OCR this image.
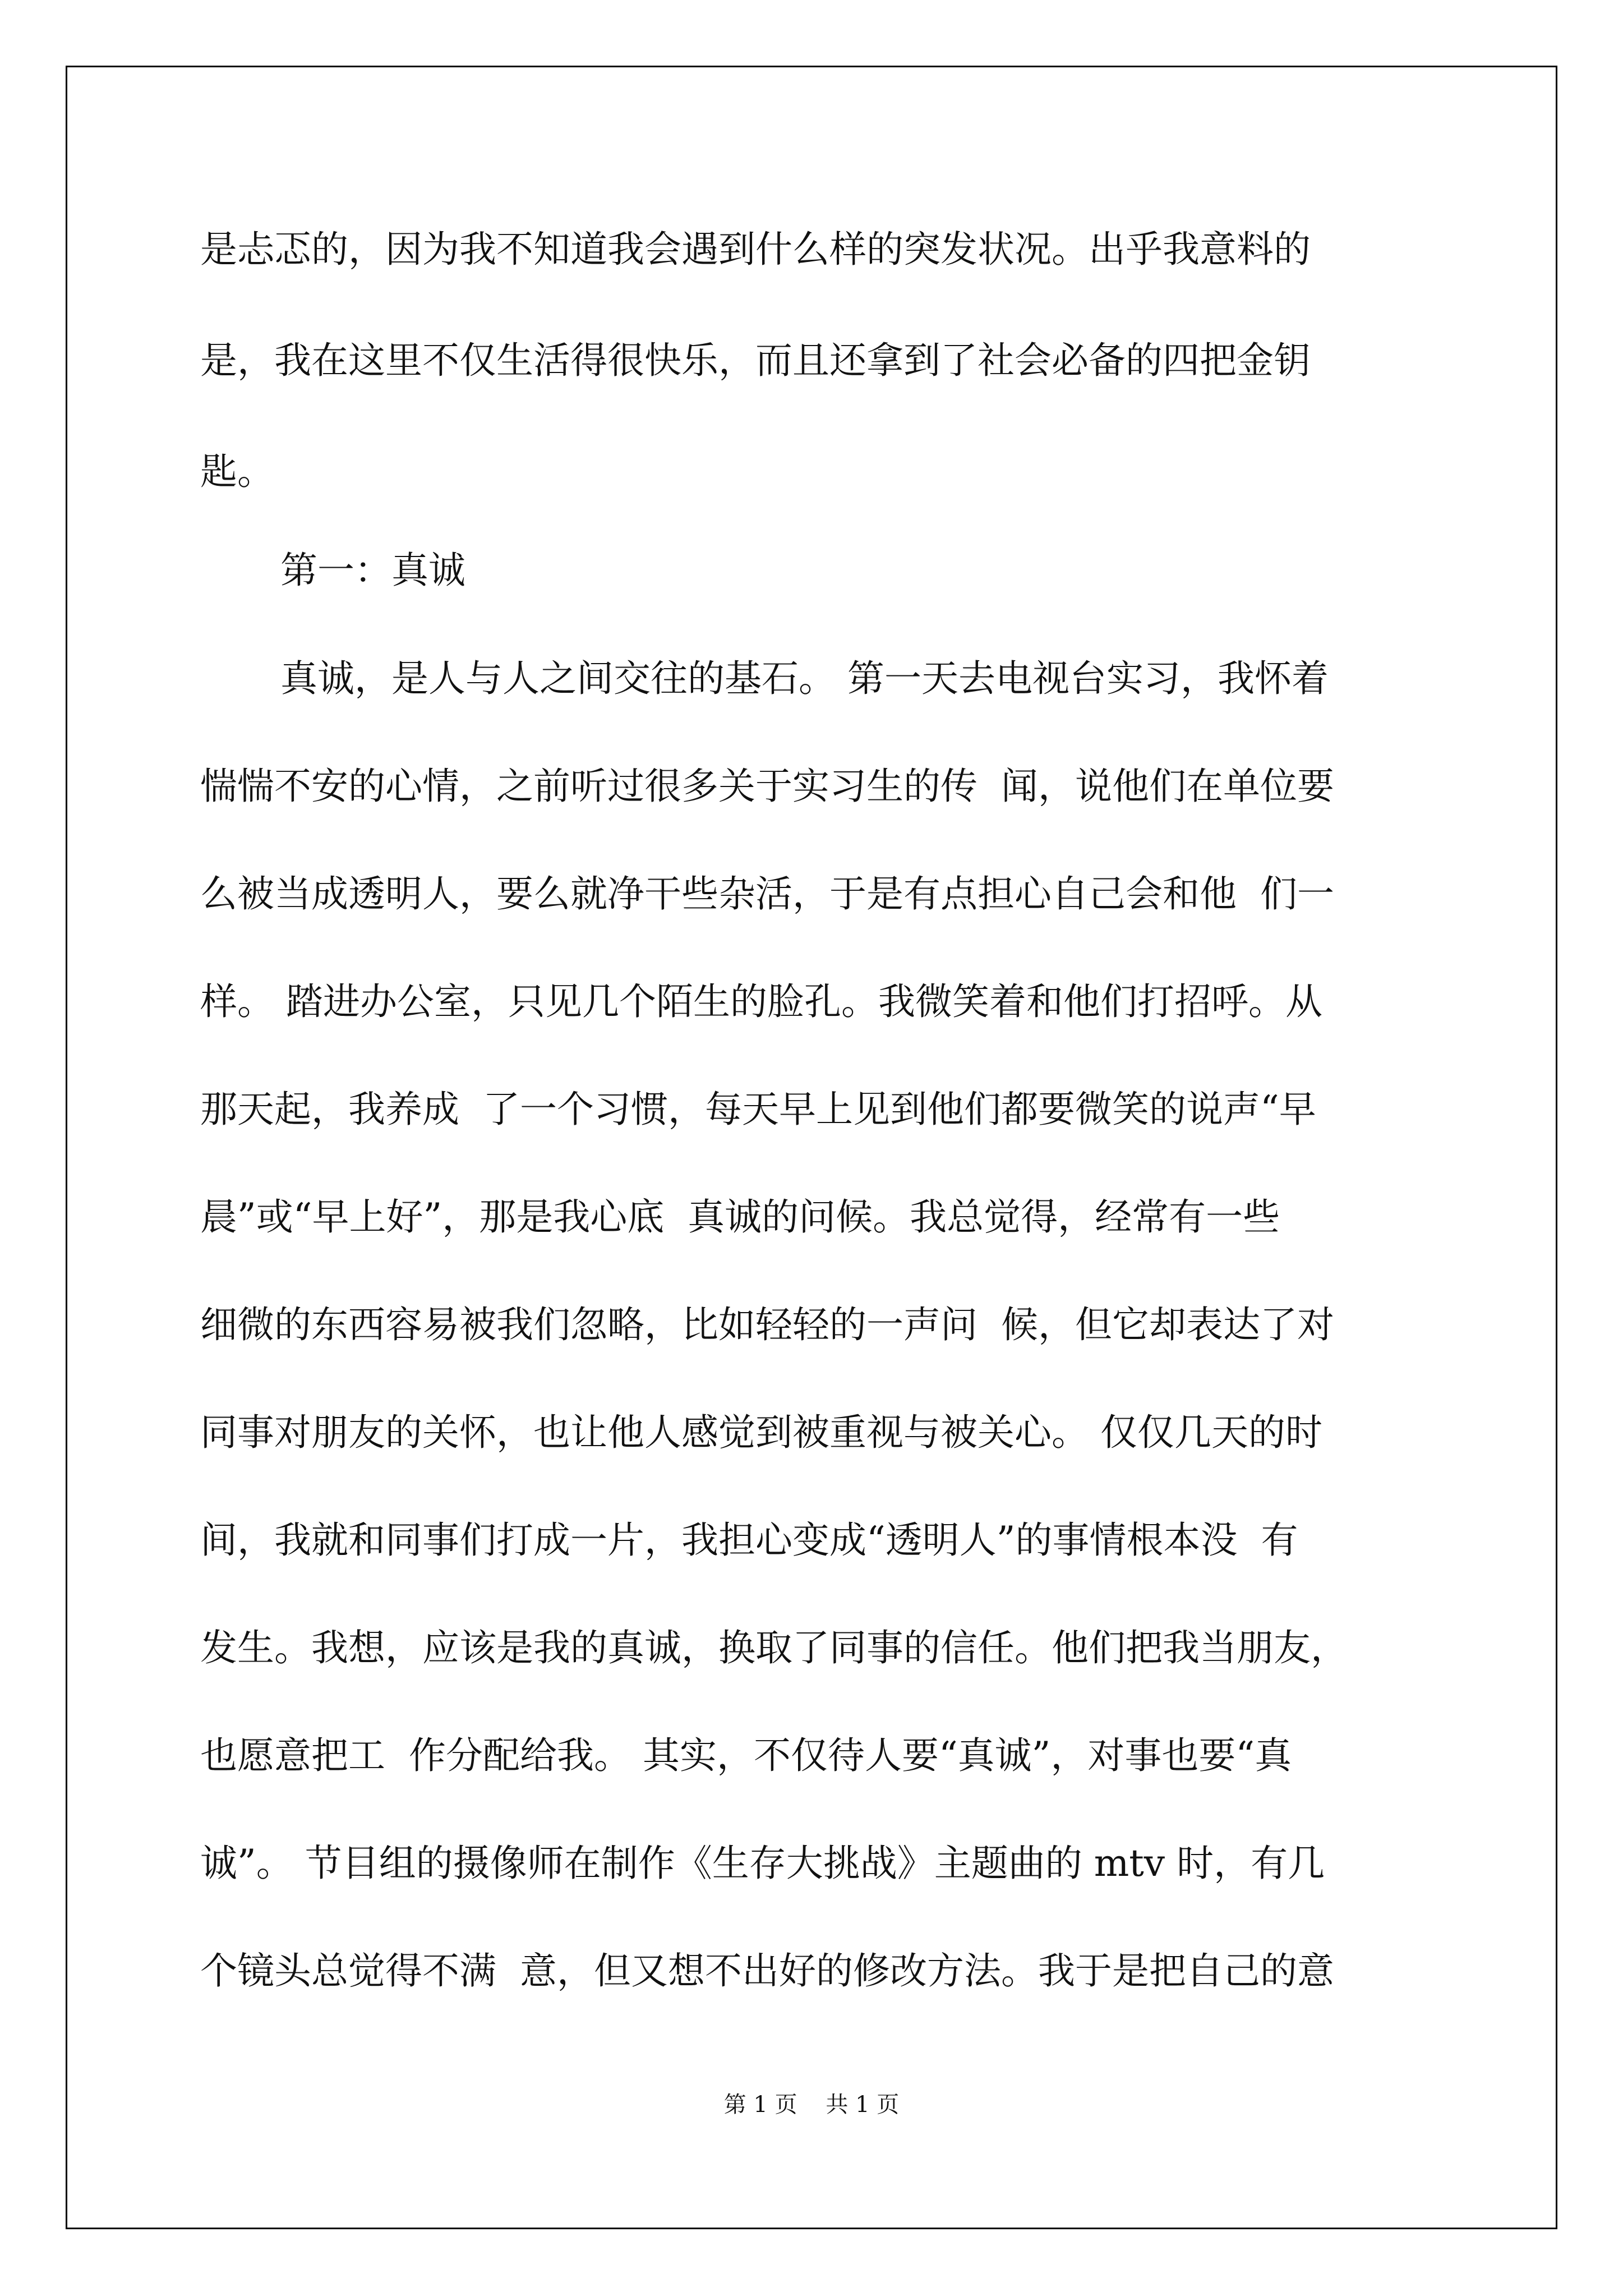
是忐忑的，因为我不知道我会遇到什么样的突发状况。出乎我意料的
是，我在这里不仅生活得很快乐，而且还拿到了社会必备的四把金钥
匙。
第一：真诚
真诚，是人与人之间交往的基石。 第一天去电视台实习，我怀着
惴惴不安的心情，之前听过很多关于实习生的传  闻，说他们在单位要
么被当成透明人，要么就净干些杂活，于是有点担心自己会和他  们一
样。 踏进办公室，只见几个陌生的脸孔。我微笑着和他们打招呼。从
那天起，我养成  了一个习惯，每天早上见到他们都要微笑的说声“早
晨”或“早上好”，那是我心底  真诚的问候。我总觉得，经常有一些
细微的东西容易被我们忽略，比如轻轻的一声问  候，但它却表达了对
同事对朋友的关怀，也让他人感觉到被重视与被关心。 仅仅几天的时
间，我就和同事们打成一片，我担心变成“透明人”的事情根本没  有
发生。我想，应该是我的真诚，换取了同事的信任。他们把我当朋友，
也愿意把工  作分配给我。 其实，不仅待人要“真诚”，对事也要“真
诚”。 节目组的摄像师在制作《生存大挑战》主题曲的 mtv 时，有几
个镜头总觉得不满  意，但又想不出好的修改方法。我于是把自己的意
第 1 页    共 1 页
